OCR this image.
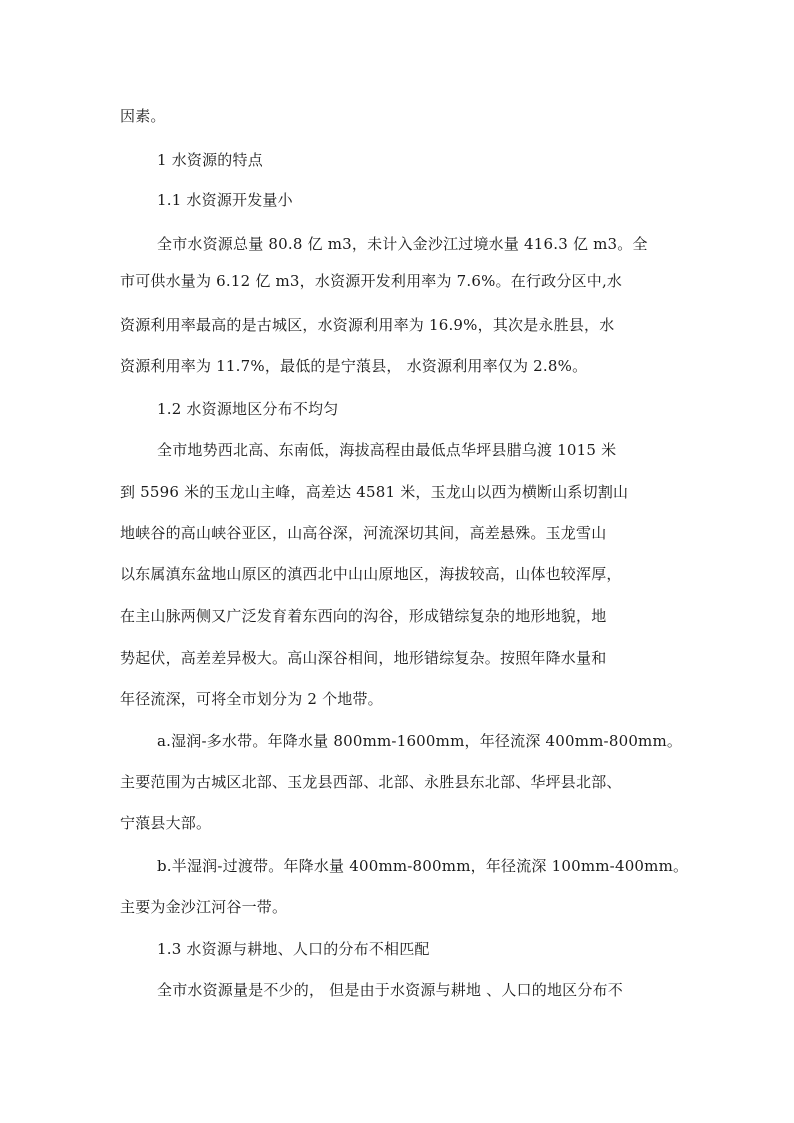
因素。
1 水资源的特点
1.1 水资源开发量小
全市水资源总量 80.8 亿 m3，未计入金沙江过境水量 416.3 亿 m3。全
市可供水量为 6.12 亿 m3，水资源开发利用率为 7.6%。在行政分区中,水
资源利用率最高的是古城区，水资源利用率为 16.9%，其次是永胜县，水
资源利用率为 11.7%，最低的是宁蒗县， 水资源利用率仅为 2.8%。
1.2 水资源地区分布不均匀
全市地势西北高、东南低，海拔高程由最低点华坪县腊乌渡 1015 米
到 5596 米的玉龙山主峰，高差达 4581 米，玉龙山以西为横断山系切割山
地峡谷的高山峡谷亚区，山高谷深，河流深切其间，高差悬殊。玉龙雪山
以东属滇东盆地山原区的滇西北中山山原地区，海拔较高，山体也较浑厚，
在主山脉两侧又广泛发育着东西向的沟谷，形成错综复杂的地形地貌，地
势起伏，高差差异极大。高山深谷相间，地形错综复杂。按照年降水量和
年径流深，可将全市划分为 2 个地带。
a.湿润-多水带。年降水量 800mm-1600mm，年径流深 400mm-800mm。
主要范围为古城区北部、玉龙县西部、北部、永胜县东北部、华坪县北部、
宁蒗县大部。
b.半湿润-过渡带。年降水量 400mm-800mm，年径流深 100mm-400mm。
主要为金沙江河谷一带。
1.3 水资源与耕地、人口的分布不相匹配
全市水资源量是不少的， 但是由于水资源与耕地 、人口的地区分布不
